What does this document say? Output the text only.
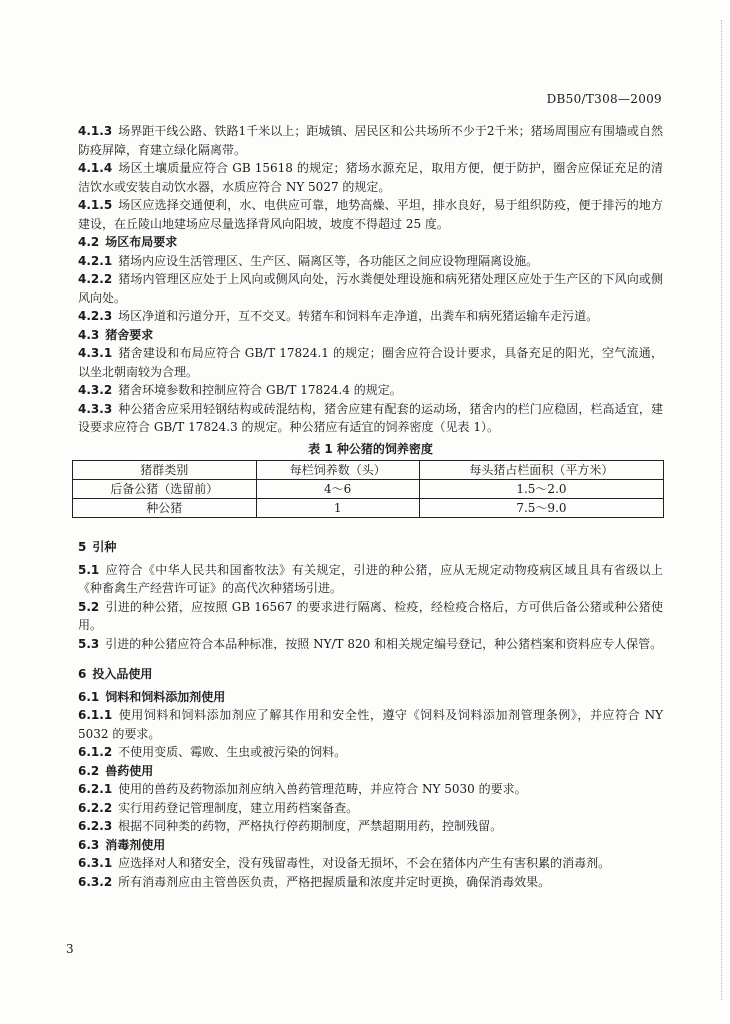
DB50/T308—2009
4.1.3 场界距干线公路、铁路1千米以上；距城镇、居民区和公共场所不少于2千米；猪场周围应有围墙或自然防疫屏障，育建立绿化隔离带。
4.1.4 场区土壤质量应符合 GB 15618 的规定；猪场水源充足，取用方便，便于防护，圈舍应保证充足的清洁饮水或安装自动饮水器，水质应符合 NY 5027 的规定。
4.1.5 场区应选择交通便利，水、电供应可靠，地势高燥、平坦，排水良好，易于组织防疫，便于排污的地方建设，在丘陵山地建场应尽量选择背风向阳坡，坡度不得超过 25 度。
4.2 场区布局要求
4.2.1 猪场内应设生活管理区、生产区、隔离区等，各功能区之间应设物理隔离设施。
4.2.2 猪场内管理区应处于上风向或侧风向处，污水粪便处理设施和病死猪处理区应处于生产区的下风向或侧风向处。
4.2.3 场区净道和污道分开，互不交叉。转猪车和饲料车走净道，出粪车和病死猪运输车走污道。
4.3 猪舍要求
4.3.1 猪舍建设和布局应符合 GB/T 17824.1 的规定；圈舍应符合设计要求，具备充足的阳光，空气流通，以坐北朝南较为合理。
4.3.2 猪舍环境参数和控制应符合 GB/T 17824.4 的规定。
4.3.3 种公猪舍应采用轻钢结构或砖混结构，猪舍应建有配套的运动场，猪舍内的栏门应稳固，栏高适宜，建设要求应符合 GB/T 17824.3 的规定。种公猪应有适宜的饲养密度（见表 1）。
表 1 种公猪的饲养密度
猪群类别	每栏饲养数（头）	每头猪占栏面积（平方米）
后备公猪（选留前）	4～6	1.5～2.0
种公猪	1	7.5～9.0
5 引种
5.1 应符合《中华人民共和国畜牧法》有关规定，引进的种公猪，应从无规定动物疫病区域且具有省级以上《种畜禽生产经营许可证》的高代次种猪场引进。
5.2 引进的种公猪，应按照 GB 16567 的要求进行隔离、检疫，经检疫合格后，方可供后备公猪或种公猪使用。
5.3 引进的种公猪应符合本品种标准，按照 NY/T 820 和相关规定编号登记，种公猪档案和资料应专人保管。
6 投入品使用
6.1 饲料和饲料添加剂使用
6.1.1 使用饲料和饲料添加剂应了解其作用和安全性，遵守《饲料及饲料添加剂管理条例》，并应符合 NY 5032 的要求。
6.1.2 不使用变质、霉败、生虫或被污染的饲料。
6.2 兽药使用
6.2.1 使用的兽药及药物添加剂应纳入兽药管理范畴，并应符合 NY 5030 的要求。
6.2.2 实行用药登记管理制度，建立用药档案备查。
6.2.3 根据不同种类的药物，严格执行停药期制度，严禁超期用药，控制残留。
6.3 消毒剂使用
6.3.1 应选择对人和猪安全，没有残留毒性，对设备无损坏，不会在猪体内产生有害积累的消毒剂。
6.3.2 所有消毒剂应由主管兽医负责，严格把握质量和浓度并定时更换，确保消毒效果。
3
